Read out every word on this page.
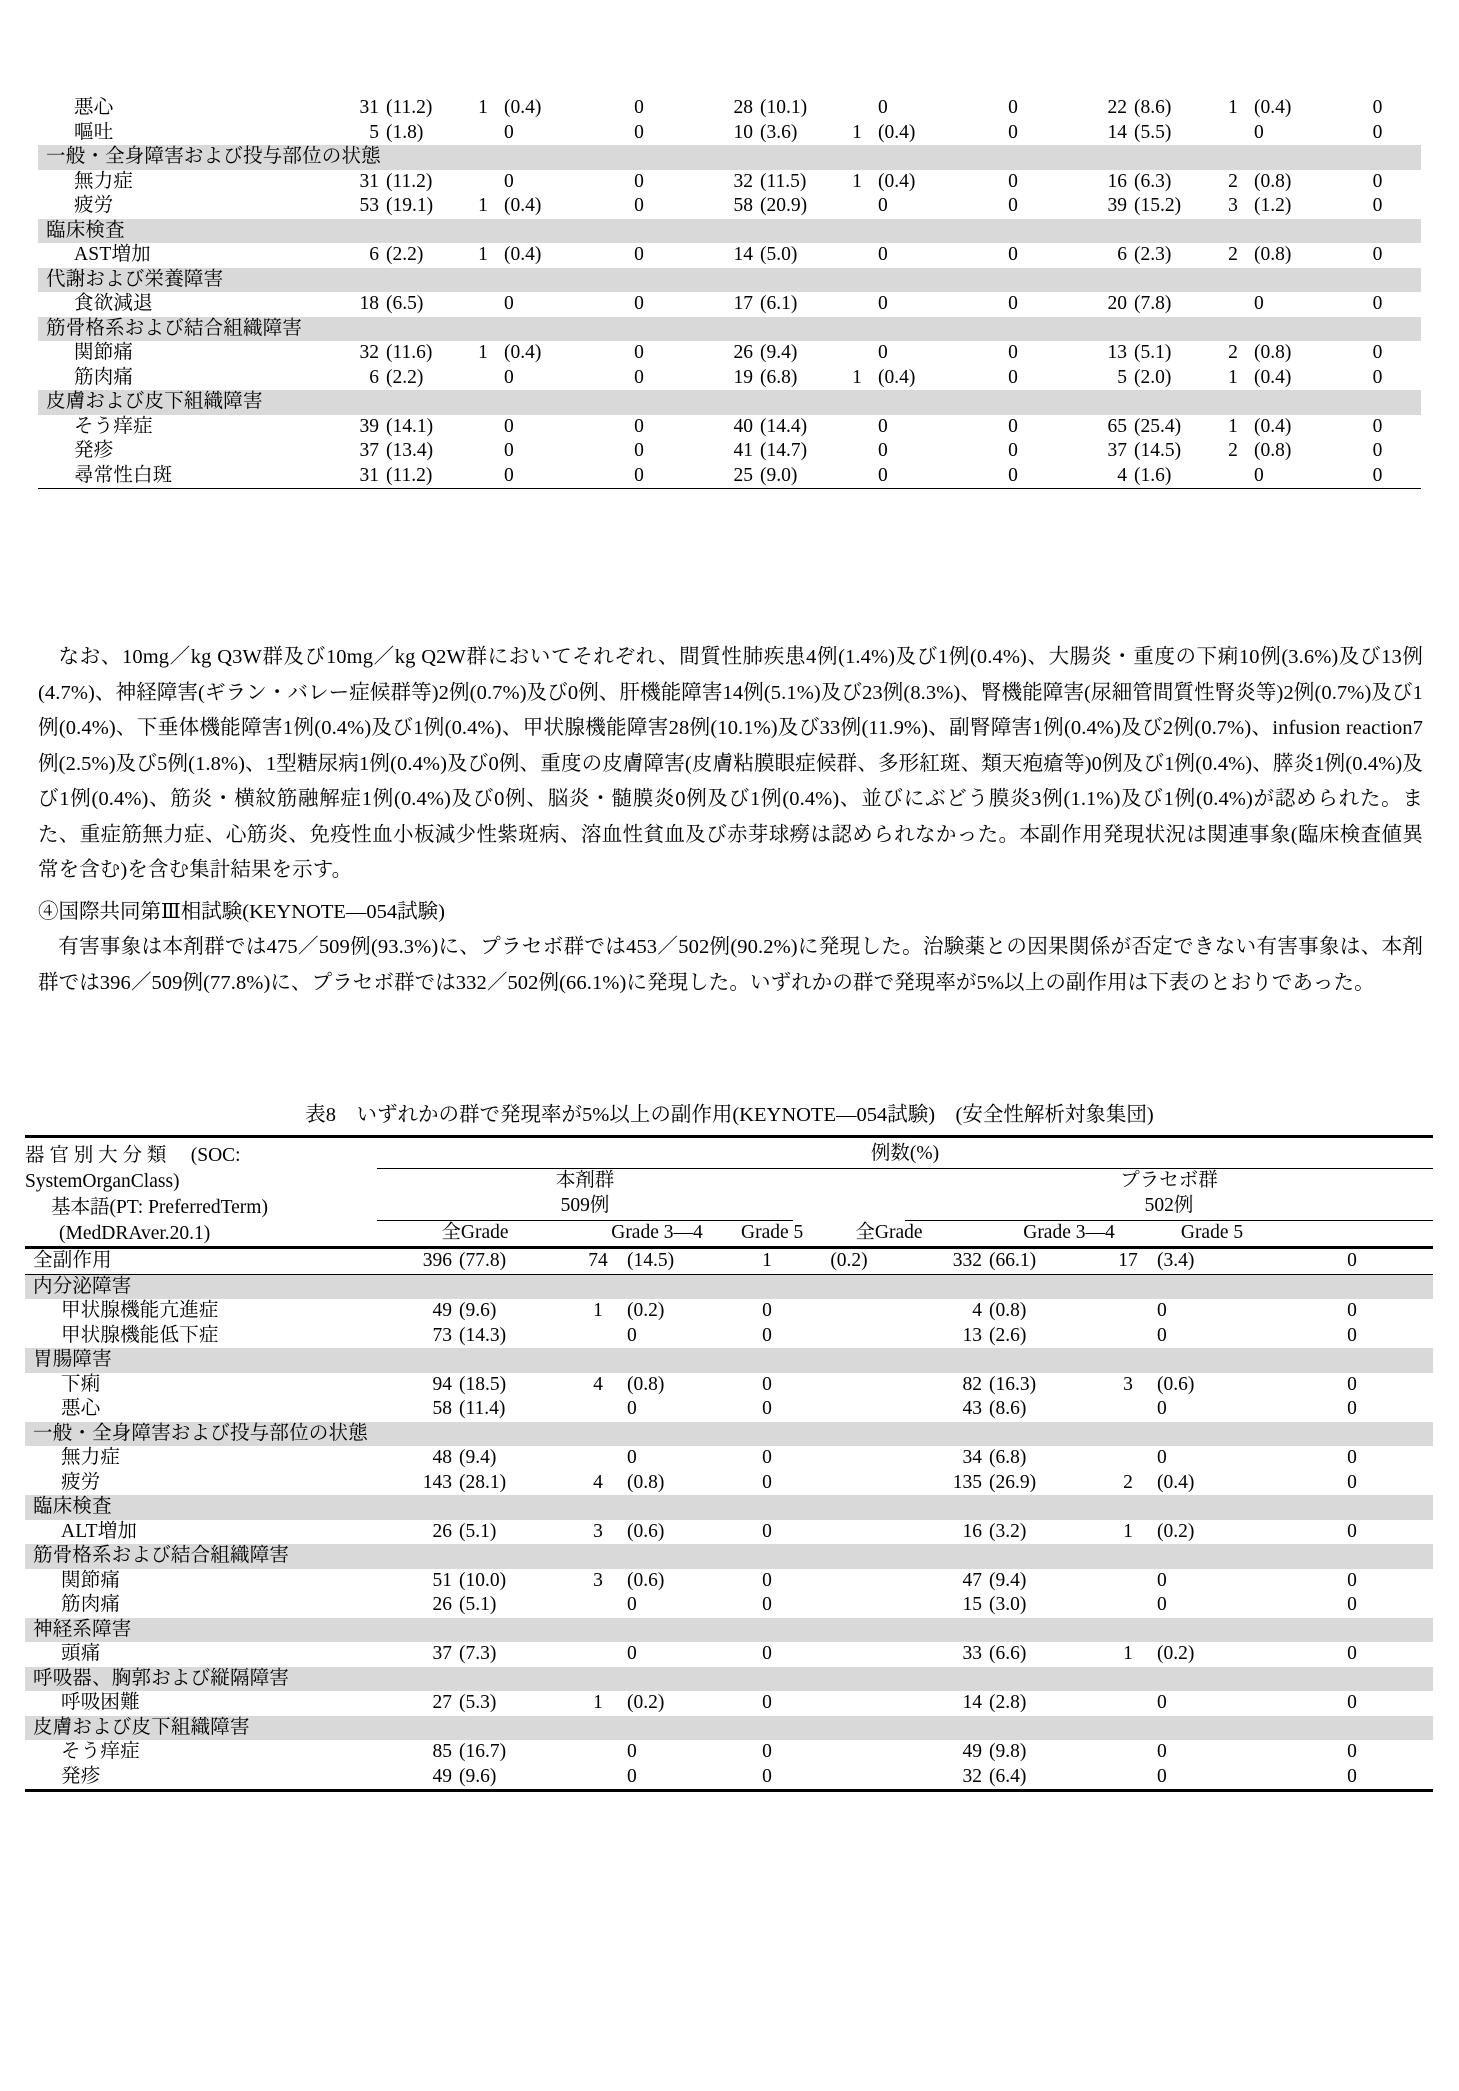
悪心	31	(11.2)	1	(0.4)	0	28	(10.1)		0	0	22	(8.6)	1	(0.4)	0
嘔吐	5	(1.8)		0	0	10	(3.6)	1	(0.4)	0	14	(5.5)		0	0
一般・全身障害および投与部位の状態															
無力症	31	(11.2)		0	0	32	(11.5)	1	(0.4)	0	16	(6.3)	2	(0.8)	0
疲労	53	(19.1)	1	(0.4)	0	58	(20.9)		0	0	39	(15.2)	3	(1.2)	0
臨床検査															
AST増加	6	(2.2)	1	(0.4)	0	14	(5.0)		0	0	6	(2.3)	2	(0.8)	0
代謝および栄養障害															
食欲減退	18	(6.5)		0	0	17	(6.1)		0	0	20	(7.8)		0	0
筋骨格系および結合組織障害															
関節痛	32	(11.6)	1	(0.4)	0	26	(9.4)		0	0	13	(5.1)	2	(0.8)	0
筋肉痛	6	(2.2)		0	0	19	(6.8)	1	(0.4)	0	5	(2.0)	1	(0.4)	0
皮膚および皮下組織障害															
そう痒症	39	(14.1)		0	0	40	(14.4)		0	0	65	(25.4)	1	(0.4)	0
発疹	37	(13.4)		0	0	41	(14.7)		0	0	37	(14.5)	2	(0.8)	0
尋常性白斑	31	(11.2)		0	0	25	(9.0)		0	0	4	(1.6)		0	0
なお、10mg／kg Q3W群及び10mg／kg Q2W群においてそれぞれ、間質性肺疾患4例(1.4%)及び1例(0.4%)、大腸炎・重度の下痢10例(3.6%)及び13例(4.7%)、神経障害(ギラン・バレー症候群等)2例(0.7%)及び0例、肝機能障害14例(5.1%)及び23例(8.3%)、腎機能障害(尿細管間質性腎炎等)2例(0.7%)及び1例(0.4%)、下垂体機能障害1例(0.4%)及び1例(0.4%)、甲状腺機能障害28例(10.1%)及び33例(11.9%)、副腎障害1例(0.4%)及び2例(0.7%)、infusion reaction7例(2.5%)及び5例(1.8%)、1型糖尿病1例(0.4%)及び0例、重度の皮膚障害(皮膚粘膜眼症候群、多形紅斑、類天疱瘡等)0例及び1例(0.4%)、膵炎1例(0.4%)及び1例(0.4%)、筋炎・横紋筋融解症1例(0.4%)及び0例、脳炎・髄膜炎0例及び1例(0.4%)、並びにぶどう膜炎3例(1.1%)及び1例(0.4%)が認められた。また、重症筋無力症、心筋炎、免疫性血小板減少性紫斑病、溶血性貧血及び赤芽球癆は認められなかった。本副作用発現状況は関連事象(臨床検査値異常を含む)を含む集計結果を示す。
④国際共同第Ⅲ相試験(KEYNOTE―054試験)
有害事象は本剤群では475／509例(93.3%)に、プラセボ群では453／502例(90.2%)に発現した。治験薬との因果関係が否定できない有害事象は、本剤群では396／509例(77.8%)に、プラセボ群では332／502例(66.1%)に発現した。いずれかの群で発現率が5%以上の副作用は下表のとおりであった。
表8　いずれかの群で発現率が5%以上の副作用(KEYNOTE―054試験)　(安全性解析対象集団)
器 官 別 大 分 類 　(SOC:	例数(%)											
SystemOrganClass)	本剤群						プラセボ群					
基本語(PT: PreferredTerm)	509例						502例					
(MedDRAver.20.1)	全Grade		Grade 3―4		Grade 5	全Grade		Grade 3―4		Grade 5		
全副作用	396	(77.8)	74	(14.5)	1	(0.2)	332	(66.1)	17	(3.4)	0	
内分泌障害												
甲状腺機能亢進症	49	(9.6)	1	(0.2)	0		4	(0.8)		0	0	
甲状腺機能低下症	73	(14.3)		0	0		13	(2.6)		0	0	
胃腸障害												
下痢	94	(18.5)	4	(0.8)	0		82	(16.3)	3	(0.6)	0	
悪心	58	(11.4)		0	0		43	(8.6)		0	0	
一般・全身障害および投与部位の状態												
無力症	48	(9.4)		0	0		34	(6.8)		0	0	
疲労	143	(28.1)	4	(0.8)	0		135	(26.9)	2	(0.4)	0	
臨床検査												
ALT増加	26	(5.1)	3	(0.6)	0		16	(3.2)	1	(0.2)	0	
筋骨格系および結合組織障害												
関節痛	51	(10.0)	3	(0.6)	0		47	(9.4)		0	0	
筋肉痛	26	(5.1)		0	0		15	(3.0)		0	0	
神経系障害												
頭痛	37	(7.3)		0	0		33	(6.6)	1	(0.2)	0	
呼吸器、胸郭および縦隔障害												
呼吸困難	27	(5.3)	1	(0.2)	0		14	(2.8)		0	0	
皮膚および皮下組織障害												
そう痒症	85	(16.7)		0	0		49	(9.8)		0	0	
発疹	49	(9.6)		0	0		32	(6.4)		0	0	
